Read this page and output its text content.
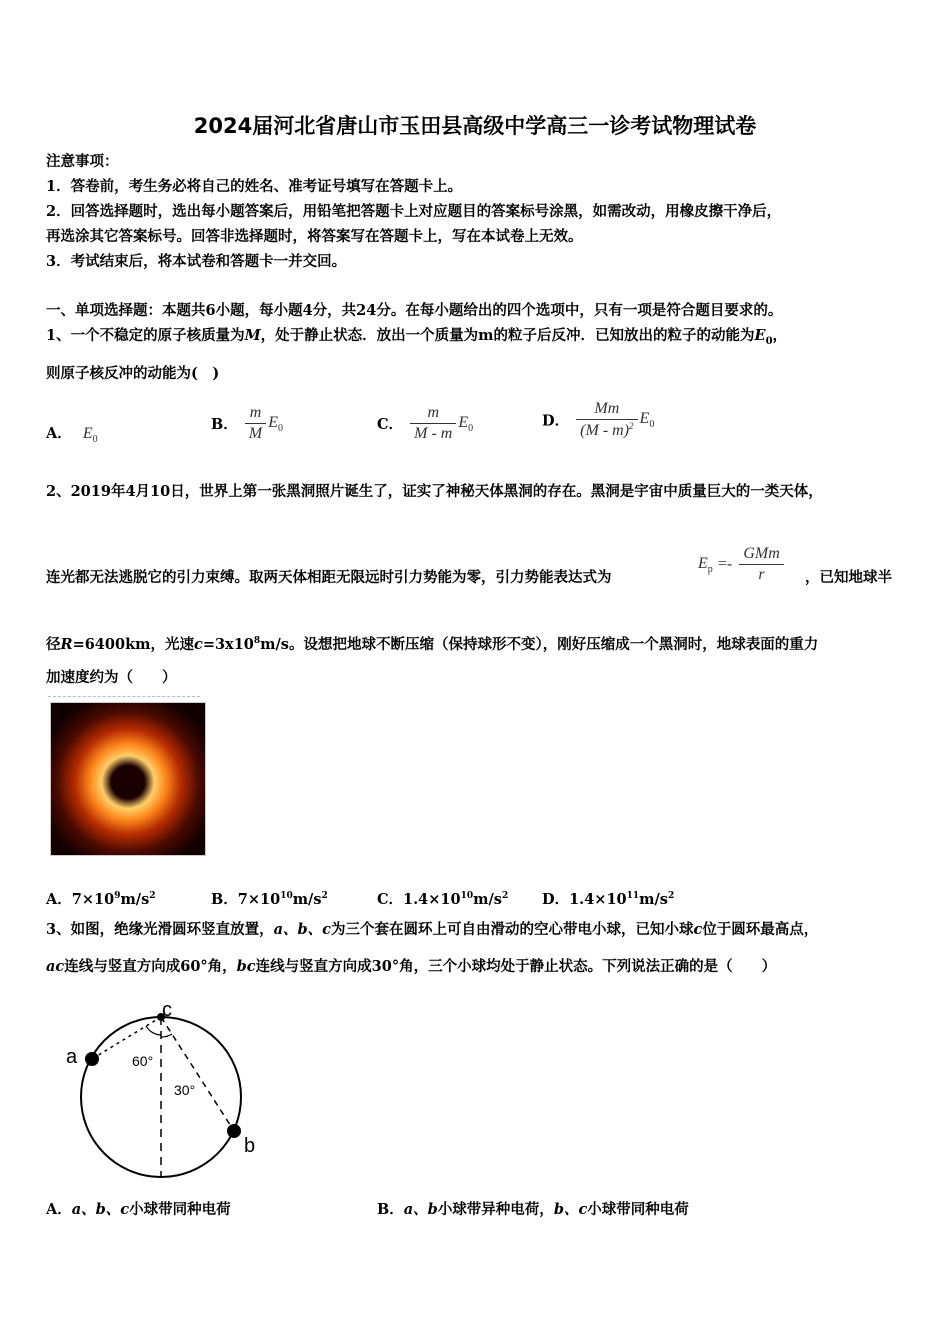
2024届河北省唐山市玉田县高级中学高三一诊考试物理试卷
注意事项：
1．答卷前，考生务必将自己的姓名、准考证号填写在答题卡上。
2．回答选择题时，选出每小题答案后，用铅笔把答题卡上对应题目的答案标号涂黑，如需改动，用橡皮擦干净后，
再选涂其它答案标号。回答非选择题时，将答案写在答题卡上，写在本试卷上无效。
3．考试结束后，将本试卷和答题卡一并交回。
一、单项选择题：本题共6小题，每小题4分，共24分。在每小题给出的四个选项中，只有一项是符合题目要求的。
1、一个不稳定的原子核质量为M，处于静止状态．放出一个质量为m的粒子后反冲．已知放出的粒子的动能为$E_0$，
则原子核反冲的动能为(　)
A． $E_0$
B． $\frac{m}{M} E_0$	C． $\frac{m}{M - m} E_0$	D． $\frac{Mm}{(M - m)^2} E_0$
2、2019年4月10日，世界上第一张黑洞照片诞生了，证实了神秘天体黑洞的存在。黑洞是宇宙中质量巨大的一类天体，
连光都无法逃脱它的引力束缚。取两天体相距无限远时引力势能为零，引力势能表达式为
$E_p =- \frac{\text{GMm}}{r}$ ，已知地球半
径R=6400km，光速$c=3x10^8m/s$。设想把地球不断压缩（保持球形不变），刚好压缩成一个黑洞时，地球表面的重力
加速度约为（　　）
A．$7\times 10^9m/s^2$	B．$7\times 10^{10}m/s^2$	C．$1.4\times 10^{10}m/s^2$ D．$1.4\times 10^{11}m/s^2$
3、如图，绝缘光滑圆环竖直放置，a、b、c为三个套在圆环上可自由滑动的空心带电小球，已知小球c位于圆环最高点，
ac连线与竖直方向成60°角，bc连线与竖直方向成30°角，三个小球均处于静止状态。下列说法正确的是（　　）
a
b
c
60°
30°
A．a、b、c小球带同种电荷	B．a、b小球带异种电荷，b、c小球带同种电荷
